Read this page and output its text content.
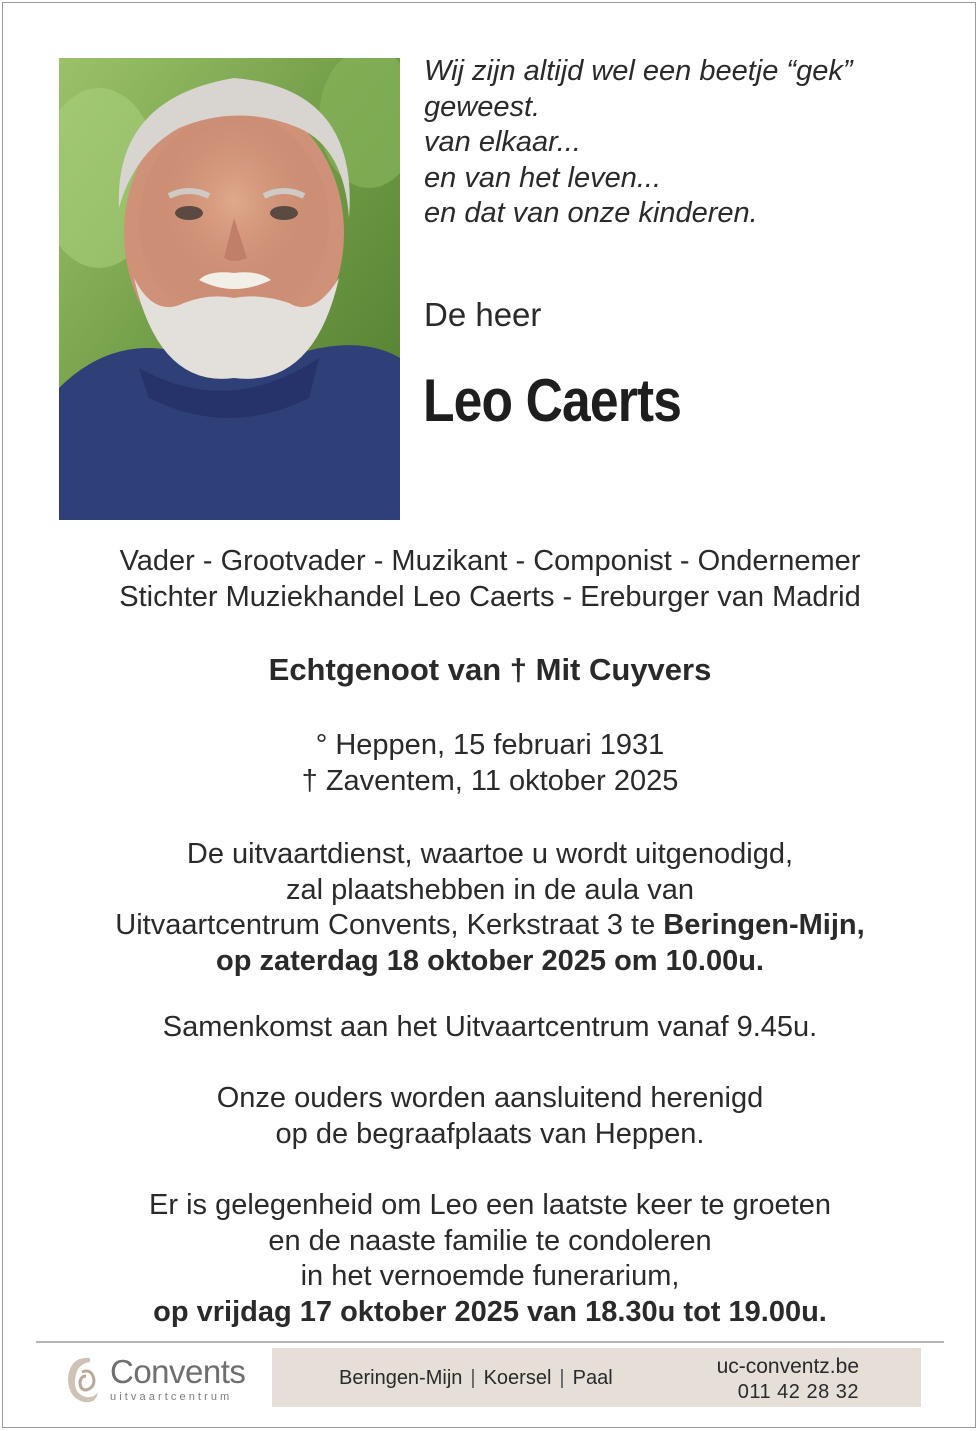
Wij zijn altijd wel een beetje “gek”
geweest.
van elkaar...
en van het leven...
en dat van onze kinderen.
De heer
Leo Caerts
Vader - Grootvader - Muzikant - Componist - Ondernemer
Stichter Muziekhandel Leo Caerts - Ereburger van Madrid
Echtgenoot van † Mit Cuyvers
° Heppen, 15 februari 1931
† Zaventem, 11 oktober 2025
De uitvaartdienst, waartoe u wordt uitgenodigd,
zal plaatshebben in de aula van
Uitvaartcentrum Convents, Kerkstraat 3 te Beringen-Mijn,
op zaterdag 18 oktober 2025 om 10.00u.
Samenkomst aan het Uitvaartcentrum vanaf 9.45u.
Onze ouders worden aansluitend herenigd
op de begraafplaats van Heppen.
Er is gelegenheid om Leo een laatste keer te groeten
en de naaste familie te condoleren
in het vernoemde funerarium,
op vrijdag 17 oktober 2025 van 18.30u tot 19.00u.
Convents
uitvaartcentrum
Beringen-Mijn | Koersel | Paal	uc-conventz.be
011 42 28 32
